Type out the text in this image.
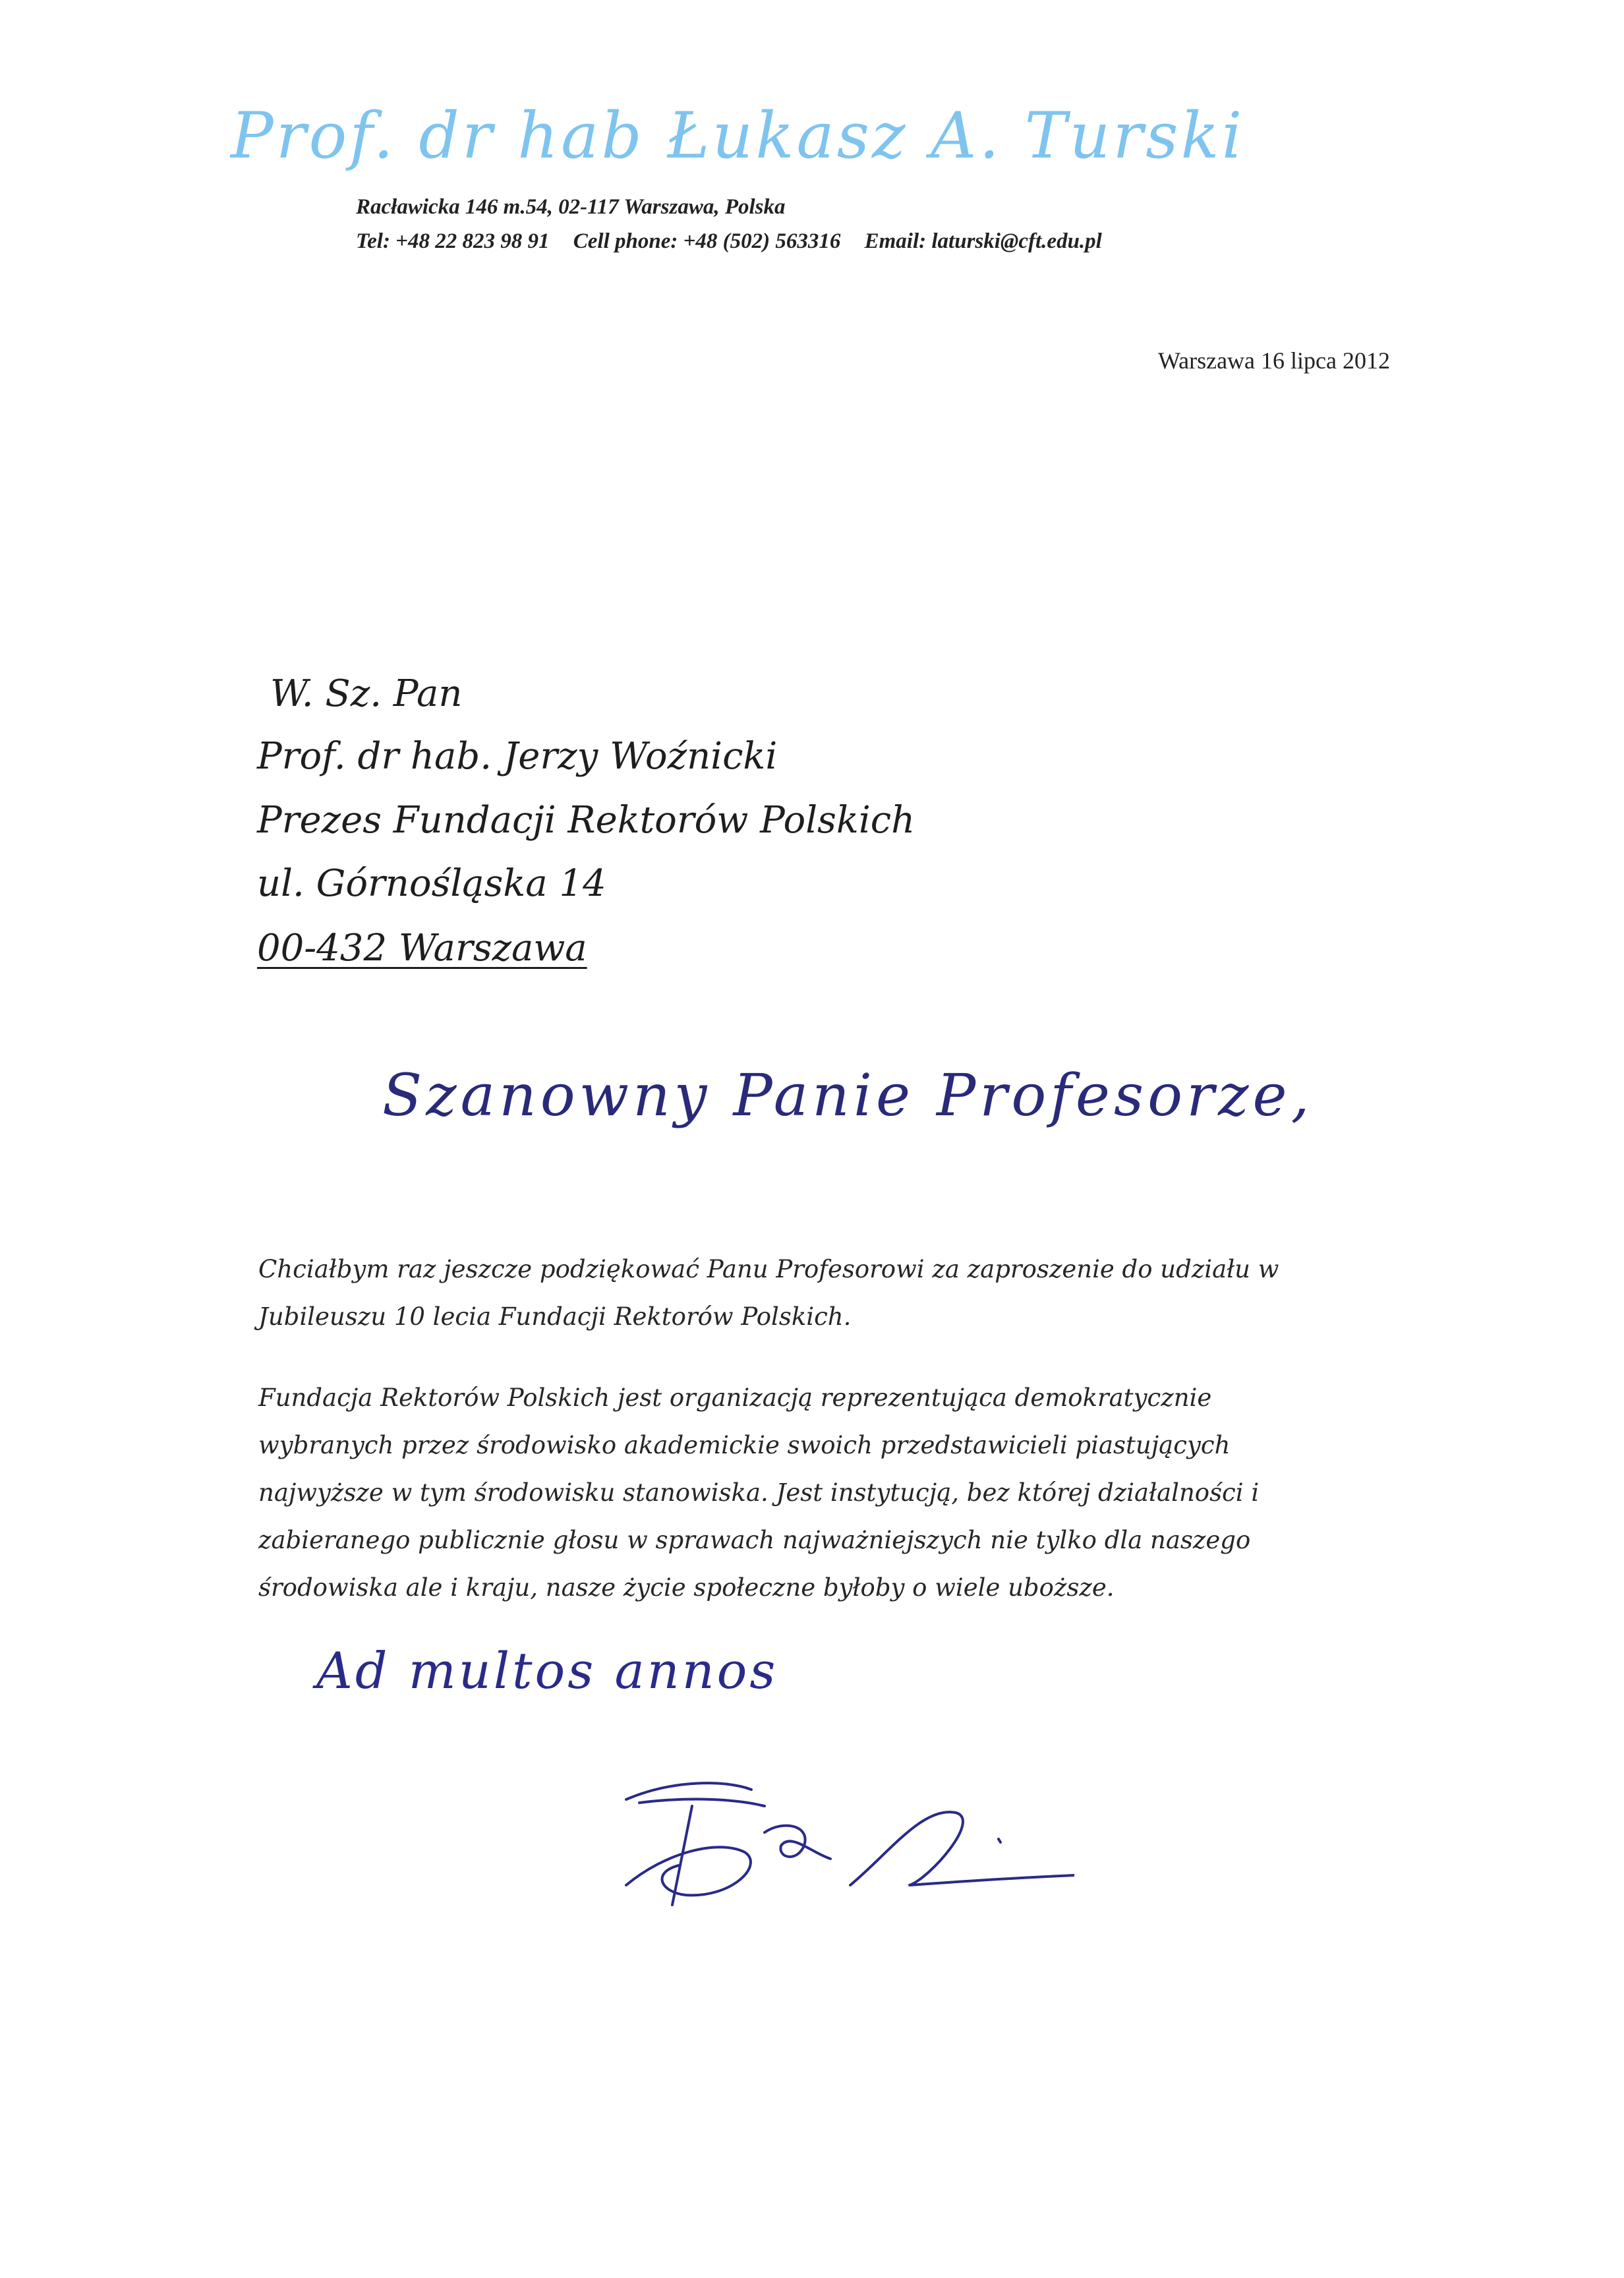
Prof. dr hab Łukasz A. Turski
Racławicka 146 m.54, 02-117 Warszawa, Polska
Tel: +48 22 823 98 91 Cell phone: +48 (502) 563316 Email: laturski@cft.edu.pl
Warszawa 16 lipca 2012
W. Sz. Pan
Prof. dr hab. Jerzy Woźnicki
Prezes Fundacji Rektorów Polskich
ul. Górnośląska 14
00-432 Warszawa
Szanowny Panie Profesorze,
Chciałbym raz jeszcze podziękować Panu Profesorowi za zaproszenie do udziału w
Jubileuszu 10 lecia Fundacji Rektorów Polskich.
Fundacja Rektorów Polskich jest organizacją reprezentująca demokratycznie
wybranych przez środowisko akademickie swoich przedstawicieli piastujących
najwyższe w tym środowisku stanowiska. Jest instytucją, bez której działalności i
zabieranego publicznie głosu w sprawach najważniejszych nie tylko dla naszego
środowiska ale i kraju, nasze życie społeczne byłoby o wiele uboższe.
Ad multos annos
